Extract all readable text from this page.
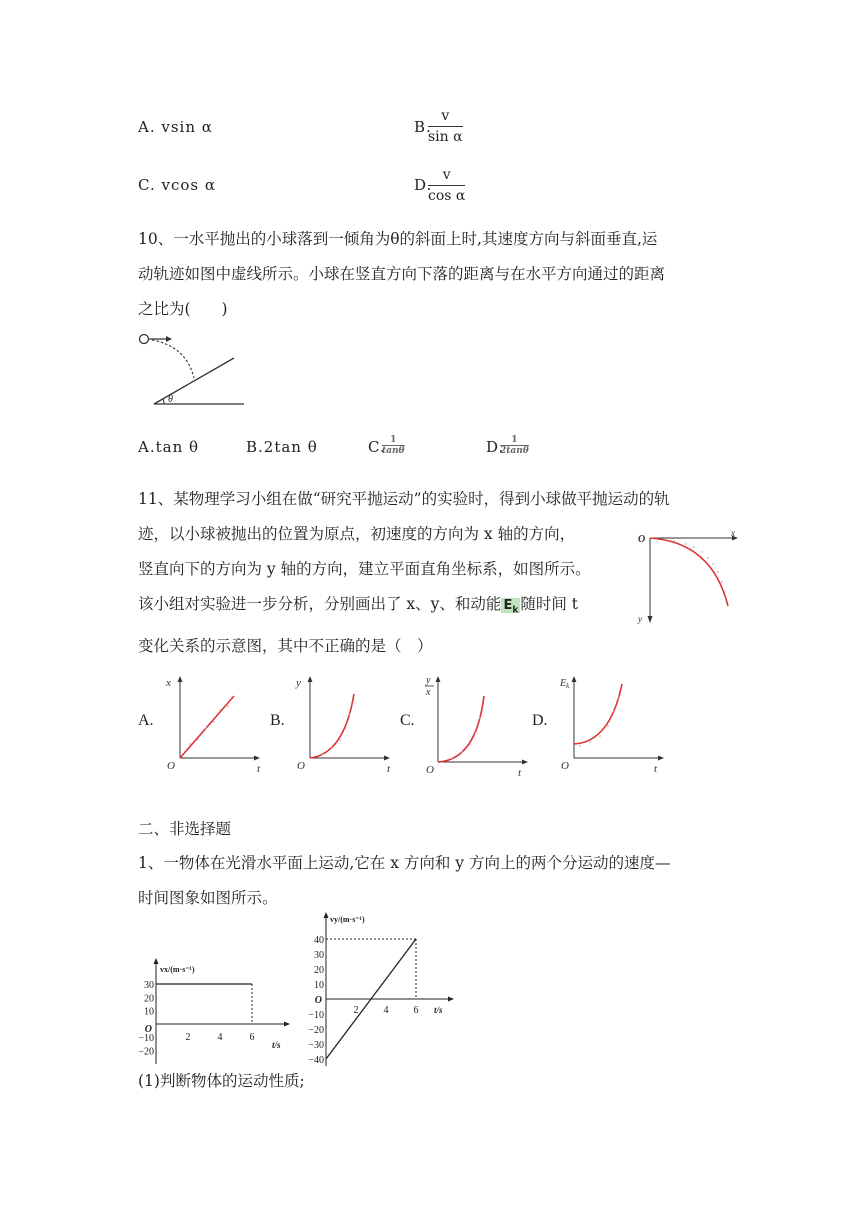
A. vsin α	B.
$\frac{v}{\text{sin α}}$
C. vcos α	D.
$\frac{v}{\text{cos α}}$
10、一水平抛出的小球落到一倾角为θ的斜面上时,其速度方向与斜面垂直,运
动轨迹如图中虚线所示。小球在竖直方向下落的距离与在水平方向通过的距离
之比为(　　)
θ
A.tan θ	B.2tan θ	C.
$\frac{1}{\tan\theta}$	D.
$\frac{1}{2\tan\theta}$
11、某物理学习小组在做“研究平抛运动”的实验时，得到小球做平抛运动的轨
迹，以小球被抛出的位置为原点，初速度的方向为 x 轴的方向，
竖直向下的方向为 y 轴的方向，建立平面直角坐标系，如图所示。
该小组对实验进一步分析，分别画出了 x、y、和动能 $E_k$ 随时间 t
变化关系的示意图，其中不正确的是（　）
O
x
y
A.
x
O	t
B.
y
O	t
C.
y
x
O	t
D.
$E_k$
O	t
二、非选择题
1、一物体在光滑水平面上运动,它在 x 方向和 y 方向上的两个分运动的速度—
时间图象如图所示。
30
20
10
−10
−20
2	4	6
vx/(m·s⁻¹)
O
t/s
40
30
20
10
−10
−20
−30
−40
2	4	6
vy/(m·s⁻¹)
O
t/s
(1)判断物体的运动性质;
